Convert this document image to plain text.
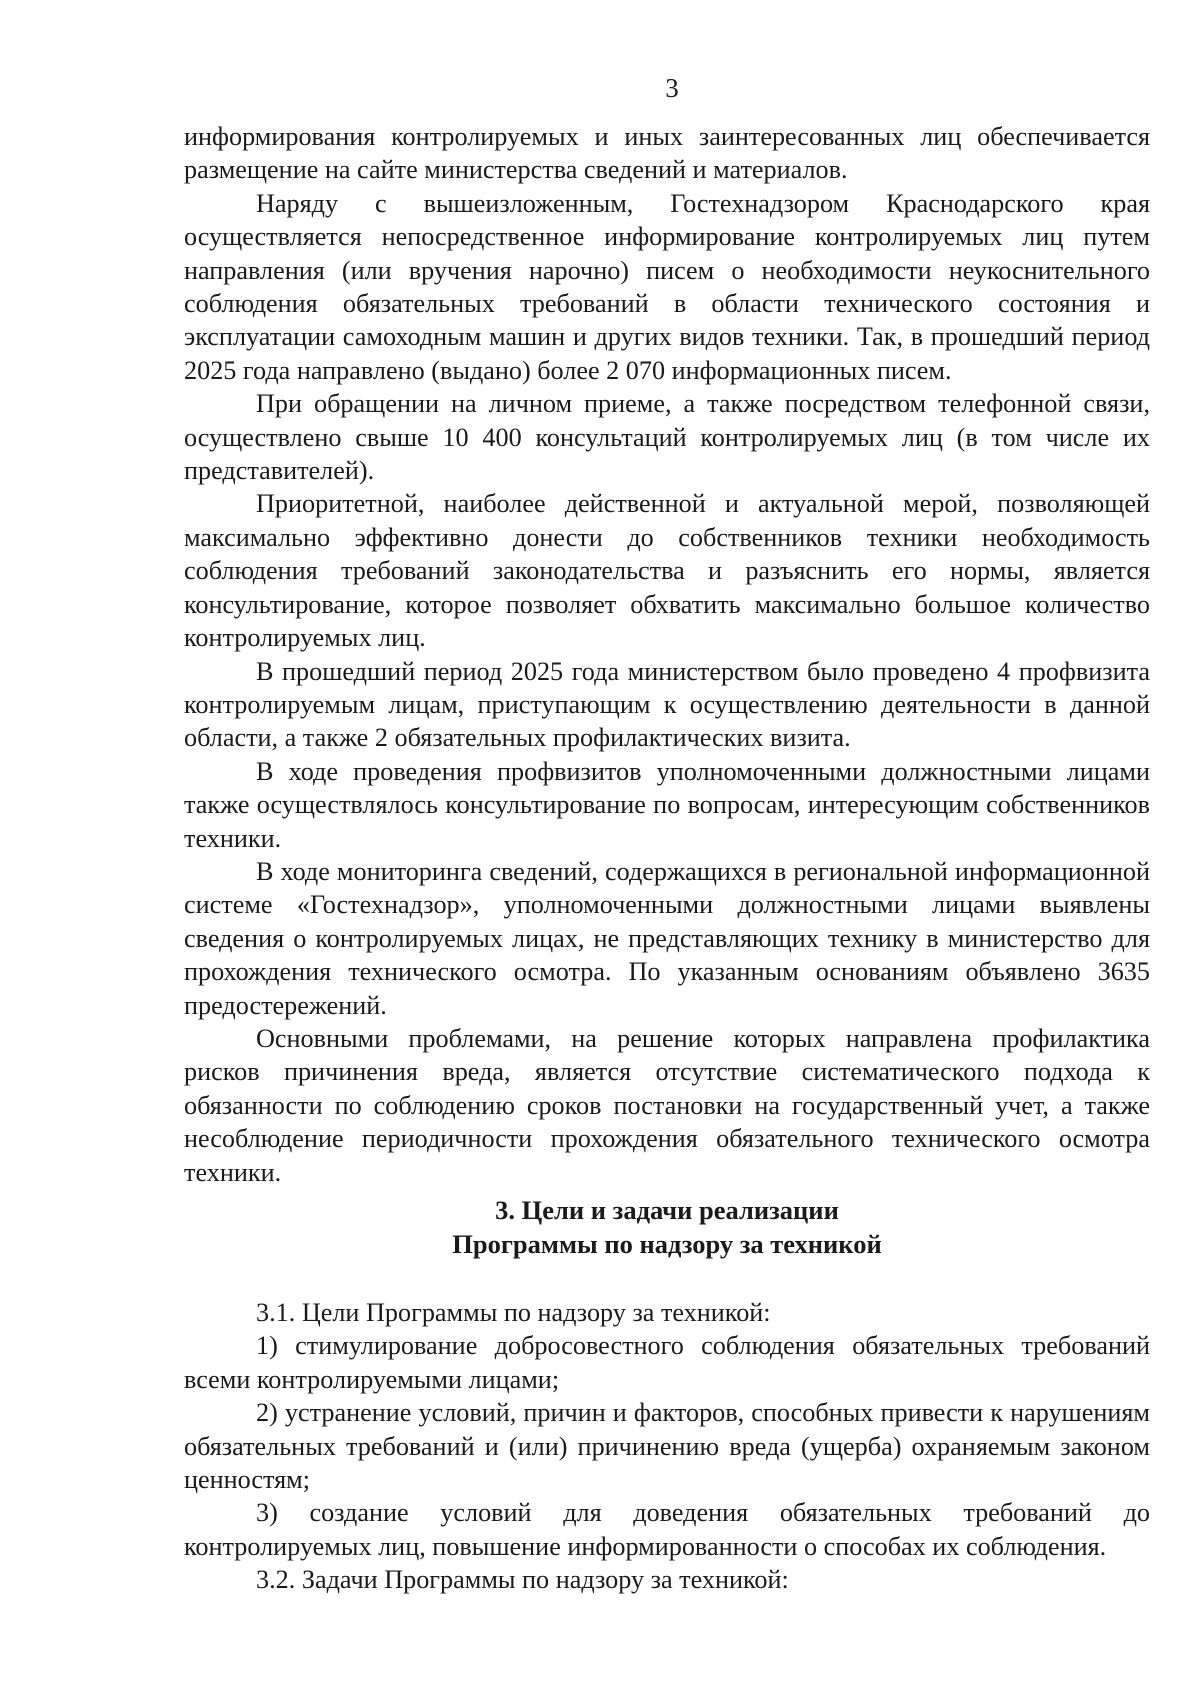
3

информирования контролируемых и иных заинтересованных лиц обеспечивается размещение на сайте министерства сведений и материалов.

Наряду с вышеизложенным, Гостехнадзором Краснодарского края осуществляется непосредственное информирование контролируемых лиц путем направления (или вручения нарочно) писем о необходимости неукоснительного соблюдения обязательных требований в области технического состояния и эксплуатации самоходным машин и других видов техники. Так, в прошедший период 2025 года направлено (выдано) более 2 070 информационных писем.

При обращении на личном приеме, а также посредством телефонной связи, осуществлено свыше 10 400 консультаций контролируемых лиц (в том числе их представителей).

Приоритетной, наиболее действенной и актуальной мерой, позволяющей максимально эффективно донести до собственников техники необходимость соблюдения требований законодательства и разъяснить его нормы, является консультирование, которое позволяет обхватить максимально большое количество контролируемых лиц.

В прошедший период 2025 года министерством было проведено 4 профвизита контролируемым лицам, приступающим к осуществлению деятельности в данной области, а также 2 обязательных профилактических визита.

В ходе проведения профвизитов уполномоченными должностными лицами также осуществлялось консультирование по вопросам, интересующим собственников техники.

В ходе мониторинга сведений, содержащихся в региональной информационной системе «Гостехнадзор», уполномоченными должностными лицами выявлены сведения о контролируемых лицах, не представляющих технику в министерство для прохождения технического осмотра. По указанным основаниям объявлено 3635 предостережений.

Основными проблемами, на решение которых направлена профилактика рисков причинения вреда, является отсутствие систематического подхода к обязанности по соблюдению сроков постановки на государственный учет, а также несоблюдение периодичности прохождения обязательного технического осмотра техники.

3. Цели и задачи реализации
Программы по надзору за техникой

3.1. Цели Программы по надзору за техникой:

1) стимулирование добросовестного соблюдения обязательных требований всеми контролируемыми лицами;

2) устранение условий, причин и факторов, способных привести к нарушениям обязательных требований и (или) причинению вреда (ущерба) охраняемым законом ценностям;

3) создание условий для доведения обязательных требований до контролируемых лиц, повышение информированности о способах их соблюдения.

3.2. Задачи Программы по надзору за техникой:
